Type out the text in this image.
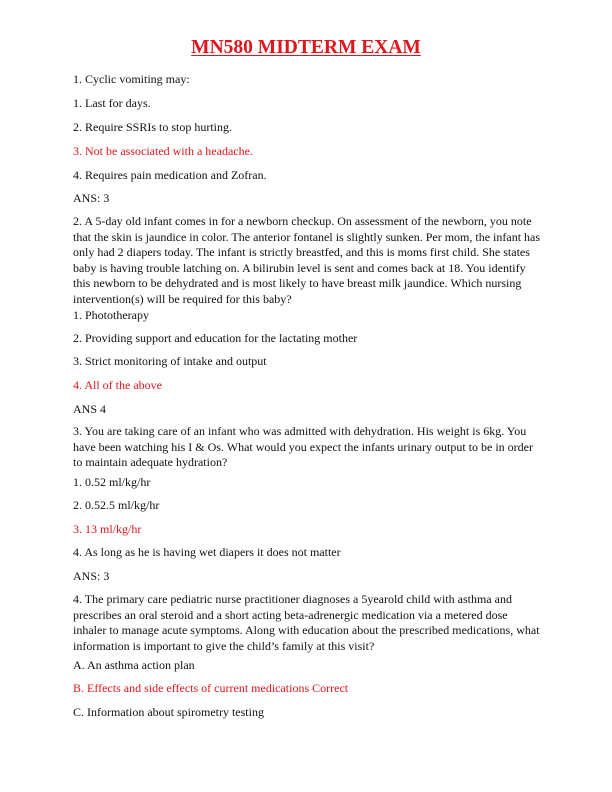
MN580 MIDTERM EXAM
1. Cyclic vomiting may:
1. Last for days.
2. Require SSRIs to stop hurting.
3. Not be associated with a headache.
4. Requires pain medication and Zofran.
ANS: 3
2. A 5-day old infant comes in for a newborn checkup. On assessment of the newborn, you note
that the skin is jaundice in color. The anterior fontanel is slightly sunken. Per mom, the infant has
only had 2 diapers today. The infant is strictly breastfed, and this is moms first child. She states
baby is having trouble latching on. A bilirubin level is sent and comes back at 18. You identify
this newborn to be dehydrated and is most likely to have breast milk jaundice. Which nursing
intervention(s) will be required for this baby?
1. Phototherapy
2. Providing support and education for the lactating mother
3. Strict monitoring of intake and output
4. All of the above
ANS 4
3. You are taking care of an infant who was admitted with dehydration. His weight is 6kg. You
have been watching his I & Os. What would you expect the infants urinary output to be in order
to maintain adequate hydration?
1. 0.52 ml/kg/hr
2. 0.52.5 ml/kg/hr
3. 13 ml/kg/hr
4. As long as he is having wet diapers it does not matter
ANS: 3
4. The primary care pediatric nurse practitioner diagnoses a 5yearold child with asthma and
prescribes an oral steroid and a short acting beta-adrenergic medication via a metered dose
inhaler to manage acute symptoms. Along with education about the prescribed medications, what
information is important to give the child’s family at this visit?
A. An asthma action plan
B. Effects and side effects of current medications Correct
C. Information about spirometry testing
